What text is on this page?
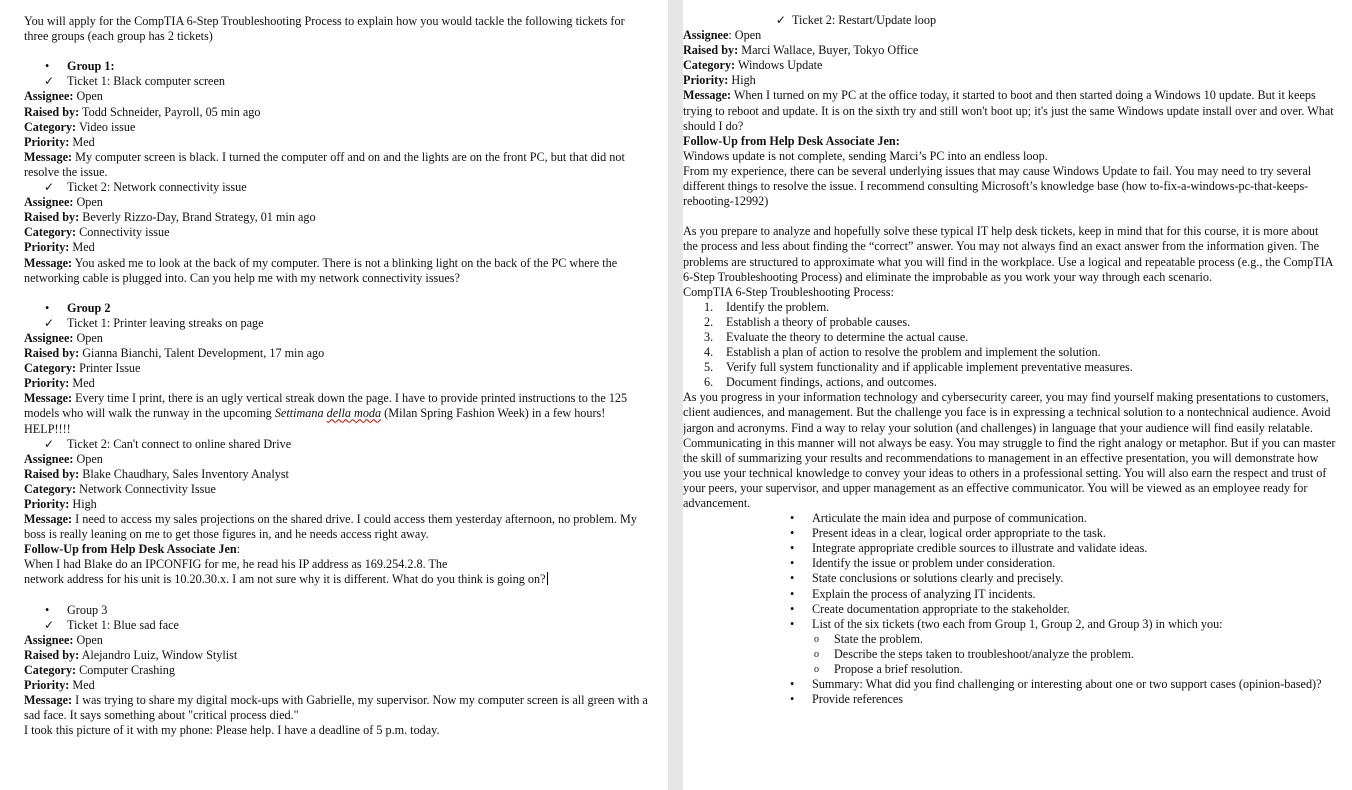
You will apply for the CompTIA 6-Step Troubleshooting Process to explain how you would tackle the following tickets for three groups (each group has 2 tickets)

• Group 1:
✓ Ticket 1: Black computer screen

Assignee: Open

Raised by: Todd Schneider, Payroll, 05 min ago

Category: Video issue

Priority: Med

Message: My computer screen is black. I turned the computer off and on and the lights are on the front PC, but that did not resolve the issue.

✓ Ticket 2: Network connectivity issue

Assignee: Open

Raised by: Beverly Rizzo-Day, Brand Strategy, 01 min ago

Category: Connectivity issue

Priority: Med

Message: You asked me to look at the back of my computer. There is not a blinking light on the back of the PC where the networking cable is plugged into. Can you help me with my network connectivity issues?

• Group 2
✓ Ticket 1: Printer leaving streaks on page

Assignee: Open

Raised by: Gianna Bianchi, Talent Development, 17 min ago

Category: Printer Issue

Priority: Med

Message: Every time I print, there is an ugly vertical streak down the page. I have to provide printed instructions to the 125 models who will walk the runway in the upcoming Settimana della moda (Milan Spring Fashion Week) in a few hours! HELP!!!!

✓ Ticket 2: Can't connect to online shared Drive

Assignee: Open

Raised by: Blake Chaudhary, Sales Inventory Analyst

Category: Network Connectivity Issue

Priority: High

Message: I need to access my sales projections on the shared drive. I could access them yesterday afternoon, no problem. My boss is really leaning on me to get those figures in, and he needs access right away.

Follow-Up from Help Desk Associate Jen:

When I had Blake do an IPCONFIG for me, he read his IP address as 169.254.2.8. The

network address for his unit is 10.20.30.x. I am not sure why it is different. What do you think is going on?

• Group 3
✓ Ticket 1: Blue sad face

Assignee: Open

Raised by: Alejandro Luiz, Window Stylist

Category: Computer Crashing

Priority: Med

Message: I was trying to share my digital mock-ups with Gabrielle, my supervisor. Now my computer screen is all green with a sad face. It says something about "critical process died."

I took this picture of it with my phone: Please help. I have a deadline of 5 p.m. today.

✓ Ticket 2: Restart/Update loop

Assignee: Open

Raised by: Marci Wallace, Buyer, Tokyo Office

Category: Windows Update

Priority: High

Message: When I turned on my PC at the office today, it started to boot and then started doing a Windows 10 update. But it keeps trying to reboot and update. It is on the sixth try and still won't boot up; it's just the same Windows update install over and over. What should I do?

Follow-Up from Help Desk Associate Jen:

Windows update is not complete, sending Marci’s PC into an endless loop.

From my experience, there can be several underlying issues that may cause Windows Update to fail. You may need to try several different things to resolve the issue. I recommend consulting Microsoft’s knowledge base (how to-fix-a-windows-pc-that-keeps-rebooting-12992)

As you prepare to analyze and hopefully solve these typical IT help desk tickets, keep in mind that for this course, it is more about the process and less about finding the “correct” answer. You may not always find an exact answer from the information given. The problems are structured to approximate what you will find in the workplace. Use a logical and repeatable process (e.g., the CompTIA 6-Step Troubleshooting Process) and eliminate the improbable as you work your way through each scenario.

CompTIA 6-Step Troubleshooting Process:

1. Identify the problem.
2. Establish a theory of probable causes.
3. Evaluate the theory to determine the actual cause.
4. Establish a plan of action to resolve the problem and implement the solution.
5. Verify full system functionality and if applicable implement preventative measures.
6. Document findings, actions, and outcomes.

As you progress in your information technology and cybersecurity career, you may find yourself making presentations to customers, client audiences, and management. But the challenge you face is in expressing a technical solution to a nontechnical audience. Avoid jargon and acronyms. Find a way to relay your solution (and challenges) in language that your audience will find easily relatable.

Communicating in this manner will not always be easy. You may struggle to find the right analogy or metaphor. But if you can master the skill of summarizing your results and recommendations to management in an effective presentation, you will demonstrate how you use your technical knowledge to convey your ideas to others in a professional setting. You will also earn the respect and trust of your peers, your supervisor, and upper management as an effective communicator. You will be viewed as an employee ready for advancement.

• Articulate the main idea and purpose of communication.
• Present ideas in a clear, logical order appropriate to the task.
• Integrate appropriate credible sources to illustrate and validate ideas.
• Identify the issue or problem under consideration.
• State conclusions or solutions clearly and precisely.
• Explain the process of analyzing IT incidents.
• Create documentation appropriate to the stakeholder.
• List of the six tickets (two each from Group 1, Group 2, and Group 3) in which you:
o State the problem.
o Describe the steps taken to troubleshoot/analyze the problem.
o Propose a brief resolution.
• Summary: What did you find challenging or interesting about one or two support cases (opinion-based)?
• Provide references
